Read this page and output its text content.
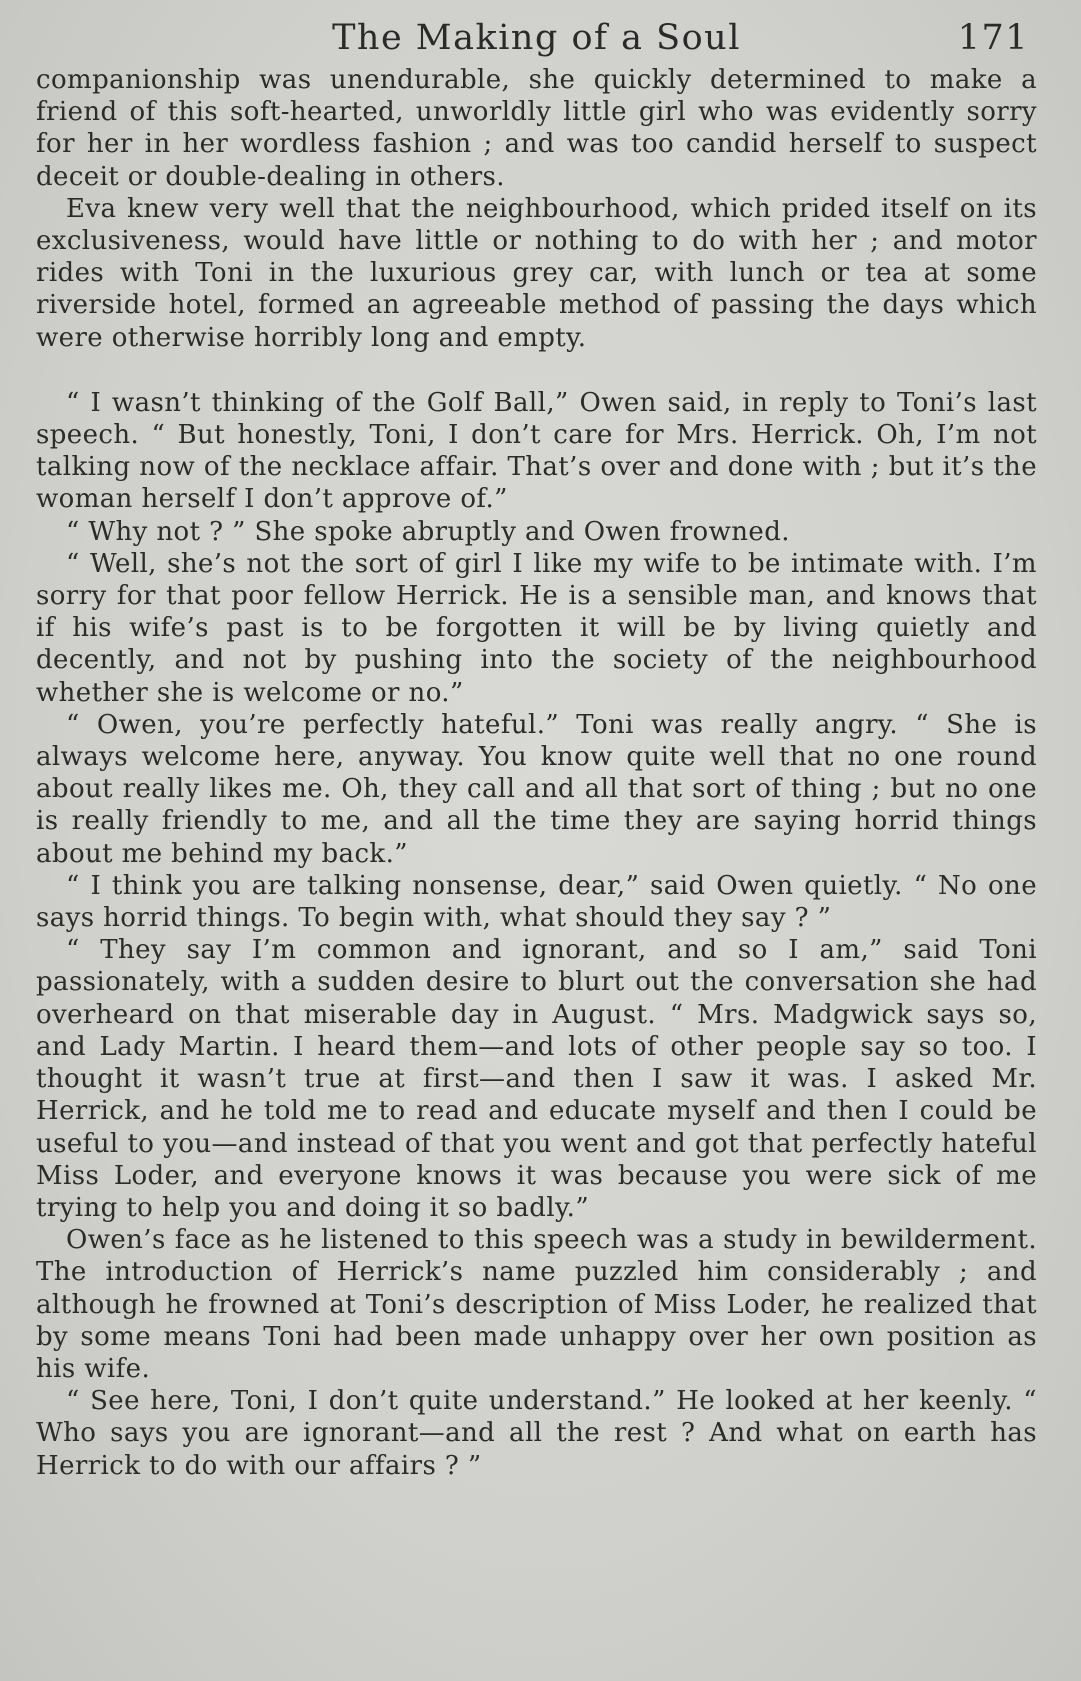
The Making of a Soul	171

companionship was unendurable, she quickly determined to make a friend of this soft-hearted, unworldly little girl who was evidently sorry for her in her wordless fashion ; and was too candid herself to suspect deceit or double-dealing in others.

Eva knew very well that the neighbourhood, which prided itself on its exclusiveness, would have little or nothing to do with her ; and motor rides with Toni in the luxurious grey car, with lunch or tea at some riverside hotel, formed an agreeable method of passing the days which were otherwise horribly long and empty.

“ I wasn’t thinking of the Golf Ball,” Owen said, in reply to Toni’s last speech. “ But honestly, Toni, I don’t care for Mrs. Herrick. Oh, I’m not talking now of the necklace affair. That’s over and done with ; but it’s the woman herself I don’t approve of.”

“ Why not ? ” She spoke abruptly and Owen frowned.

“ Well, she’s not the sort of girl I like my wife to be intimate with. I’m sorry for that poor fellow Herrick. He is a sensible man, and knows that if his wife’s past is to be forgotten it will be by living quietly and decently, and not by pushing into the society of the neighbourhood whether she is welcome or no.”

“ Owen, you’re perfectly hateful.” Toni was really angry. “ She is always welcome here, anyway. You know quite well that no one round about really likes me. Oh, they call and all that sort of thing ; but no one is really friendly to me, and all the time they are saying horrid things about me behind my back.”

“ I think you are talking nonsense, dear,” said Owen quietly. “ No one says horrid things. To begin with, what should they say ? ”

“ They say I’m common and ignorant, and so I am,” said Toni passionately, with a sudden desire to blurt out the conversation she had overheard on that miserable day in August. “ Mrs. Madgwick says so, and Lady Martin. I heard them—and lots of other people say so too. I thought it wasn’t true at first—and then I saw it was. I asked Mr. Herrick, and he told me to read and educate myself and then I could be useful to you—and instead of that you went and got that perfectly hateful Miss Loder, and everyone knows it was because you were sick of me trying to help you and doing it so badly.”

Owen’s face as he listened to this speech was a study in bewilderment. The introduction of Herrick’s name puzzled him considerably ; and although he frowned at Toni’s description of Miss Loder, he realized that by some means Toni had been made unhappy over her own position as his wife.

“ See here, Toni, I don’t quite understand.” He looked at her keenly. “ Who says you are ignorant—and all the rest ? And what on earth has Herrick to do with our affairs ? ”
